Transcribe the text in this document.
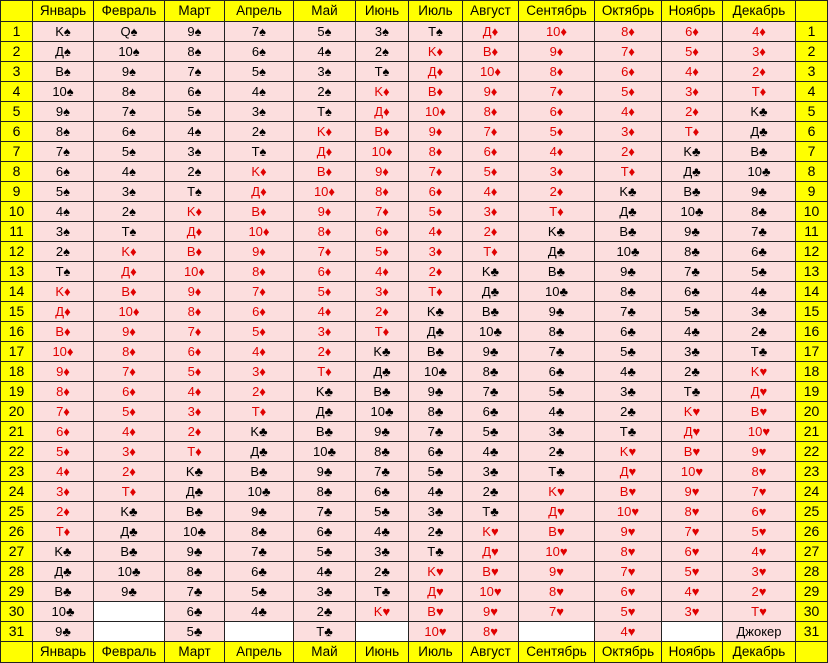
	Январь	Февраль	Март	Апрель	Май	Июнь	Июль	Август	Сентябрь	Октябрь	Ноябрь	Декабрь	
1	K♠	Q♠	9♠	7♠	5♠	3♠	T♠	Д♦	10♦	8♦	6♦	4♦	1
2	Д♠	10♠	8♠	6♠	4♠	2♠	K♦	В♦	9♦	7♦	5♦	3♦	2
3	В♠	9♠	7♠	5♠	3♠	T♠	Д♦	10♦	8♦	6♦	4♦	2♦	3
4	10♠	8♠	6♠	4♠	2♠	K♦	В♦	9♦	7♦	5♦	3♦	T♦	4
5	9♠	7♠	5♠	3♠	T♠	Д♦	10♦	8♦	6♦	4♦	2♦	K♣	5
6	8♠	6♠	4♠	2♠	K♦	В♦	9♦	7♦	5♦	3♦	T♦	Д♣	6
7	7♠	5♠	3♠	T♠	Д♦	10♦	8♦	6♦	4♦	2♦	K♣	В♣	7
8	6♠	4♠	2♠	K♦	В♦	9♦	7♦	5♦	3♦	T♦	Д♣	10♣	8
9	5♠	3♠	T♠	Д♦	10♦	8♦	6♦	4♦	2♦	K♣	В♣	9♣	9
10	4♠	2♠	K♦	В♦	9♦	7♦	5♦	3♦	T♦	Д♣	10♣	8♣	10
11	3♠	T♠	Д♦	10♦	8♦	6♦	4♦	2♦	K♣	В♣	9♣	7♣	11
12	2♠	K♦	В♦	9♦	7♦	5♦	3♦	T♦	Д♣	10♣	8♣	6♣	12
13	T♠	Д♦	10♦	8♦	6♦	4♦	2♦	K♣	В♣	9♣	7♣	5♣	13
14	K♦	В♦	9♦	7♦	5♦	3♦	T♦	Д♣	10♣	8♣	6♣	4♣	14
15	Д♦	10♦	8♦	6♦	4♦	2♦	K♣	В♣	9♣	7♣	5♣	3♣	15
16	В♦	9♦	7♦	5♦	3♦	T♦	Д♣	10♣	8♣	6♣	4♣	2♣	16
17	10♦	8♦	6♦	4♦	2♦	K♣	В♣	9♣	7♣	5♣	3♣	T♣	17
18	9♦	7♦	5♦	3♦	T♦	Д♣	10♣	8♣	6♣	4♣	2♣	K♥	18
19	8♦	6♦	4♦	2♦	K♣	В♣	9♣	7♣	5♣	3♣	T♣	Д♥	19
20	7♦	5♦	3♦	T♦	Д♣	10♣	8♣	6♣	4♣	2♣	K♥	В♥	20
21	6♦	4♦	2♦	K♣	В♣	9♣	7♣	5♣	3♣	T♣	Д♥	10♥	21
22	5♦	3♦	T♦	Д♣	10♣	8♣	6♣	4♣	2♣	K♥	В♥	9♥	22
23	4♦	2♦	K♣	В♣	9♣	7♣	5♣	3♣	T♣	Д♥	10♥	8♥	23
24	3♦	T♦	Д♣	10♣	8♣	6♣	4♣	2♣	K♥	В♥	9♥	7♥	24
25	2♦	K♣	В♣	9♣	7♣	5♣	3♣	T♣	Д♥	10♥	8♥	6♥	25
26	T♦	Д♣	10♣	8♣	6♣	4♣	2♣	K♥	В♥	9♥	7♥	5♥	26
27	K♣	В♣	9♣	7♣	5♣	3♣	T♣	Д♥	10♥	8♥	6♥	4♥	27
28	Д♣	10♣	8♣	6♣	4♣	2♣	K♥	В♥	9♥	7♥	5♥	3♥	28
29	В♣	9♣	7♣	5♣	3♣	T♣	Д♥	10♥	8♥	6♥	4♥	2♥	29
30	10♣		6♣	4♣	2♣	K♥	В♥	9♥	7♥	5♥	3♥	T♥	30
31	9♣		5♣		T♣		10♥	8♥		4♥		Джокер	31
	Январь	Февраль	Март	Апрель	Май	Июнь	Июль	Август	Сентябрь	Октябрь	Ноябрь	Декабрь	
